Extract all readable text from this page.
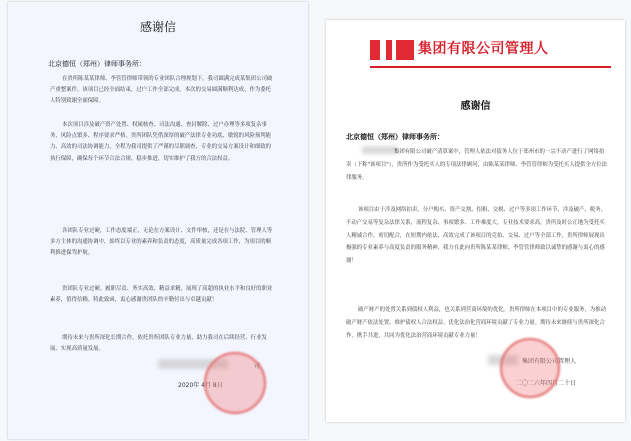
感谢信
北京德恒（郑州）律师事务所：
在贵所陈某某律师、李管管律师带领的专业团队合理规划下，我司圆满完成某集团公司破产重整案件，该项目已经全面结束，过户工作全部完成。本次的交易圆满顺利达成，作为委托人特别致谢全面保障。
本次项目涉及破产资产处置、权属核查、司法沟通、查封解除、过户办理等多项复杂事务，风险点繁多、程序要求严格。贵所团队凭借深厚的破产法律专业功底、敏锐的风险预判能力、高效的司法协调能力，全程为我司提供了严谨的尽职调查、专业的交易方案设计和细致的执行保障，确保每个环节合法合规、稳步推进，切实维护了我方的合法权益。
各团队专业过硬，工作态度端正，无论在方案设计、文件审核，还是在与法院、管理人等多方主体的沟通协调中，始终以专业的素养和负责的态度，高质量完成各项工作，为项目的顺利推进保驾护航。
贵团队专业过硬、履职尽责、务实高效、精益求精，展现了高超的执业水平和良好的职业素养，值得信赖。特此致函，衷心感谢贵团队的辛勤付出与卓越贡献！
期待未来与贵所深化长期合作，依托贵所团队专业力量，助力我司在后续经营、行业发展、实现高质量发展。
司
2020年 4月 8日
集团有限公司管理人
感谢信
北京德恒（郑州）律师事务所：
集团有限公司破产清算案中，管理人依法对债务人位于郑州市的一宗不动产进行了网络拍卖（下称"该项目"），贵所作为受托买人的专项法律顾问，由陈某某律师、李管管律师为受托买人提供全方位法律服务。
该项目由于涉及网络拍卖、分户购买、资产交割、招租、交税、过户等多项工作环节，涉及破产、税务、不动产交易等复杂法律关系，流程复杂、事项繁多、工作难度大，专业技术要求高。贵所及时公正地为受托买人精诚合作，密切配合，在短期内依法、高效完成了该项目的竞拍、交易、过户等全部工作，贵所律师展现出极强的专业素养与高度负责的服务精神，我方在此向贵所陈某某律师、李管管律师致以诚挚的感谢与衷心的感谢！
破产财产的处置关系到债权人利益，也关系到营商环境的优化。贵所律师在本项目中的专业服务，为推动破产财产依法处置、维护债权人合法权益、优化法治化营商环境贡献了专业力量。期待未来继续与贵所深化合作，携手共进，共同为优化法治营商环境贡献专业力量！
集团有限公司管理人
二〇二六年四月二十日
